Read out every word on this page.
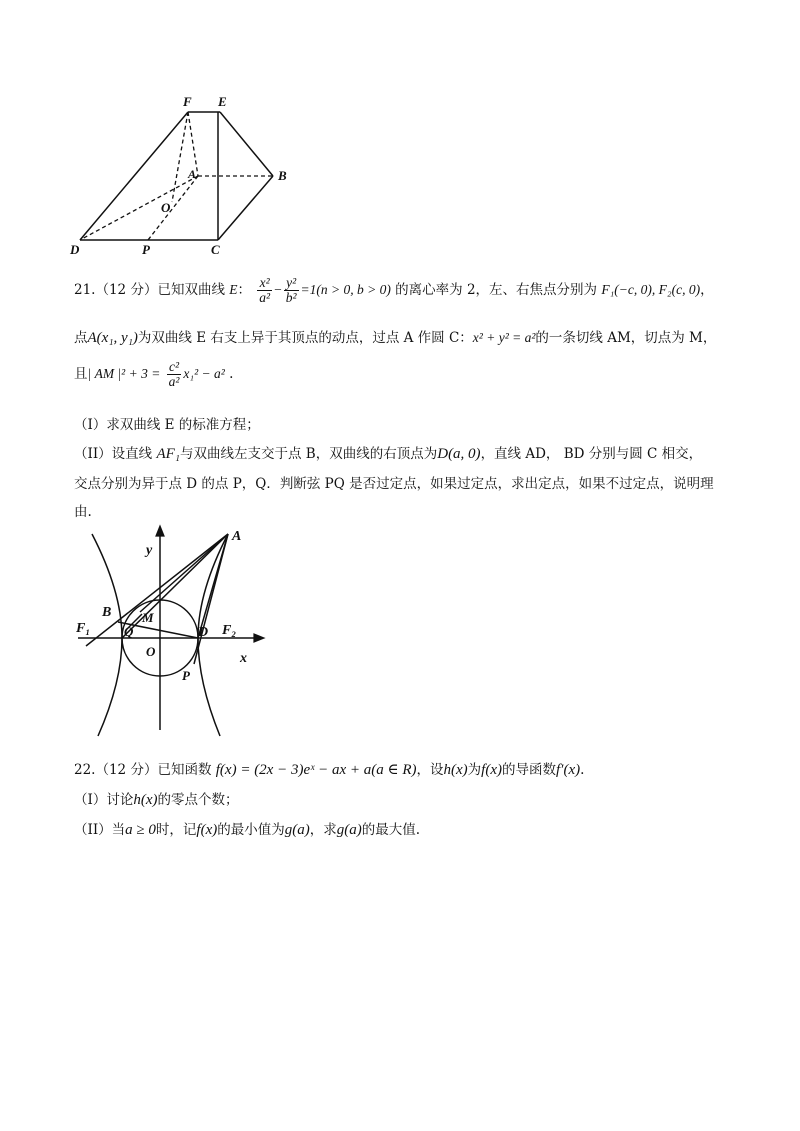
F E
A	B
O
D	P	C
21.（12 分）已知双曲线 E： $\frac{\text{x²}}{\text{a²}} - \frac{\text{y²}}{\text{b²}} =1(n > 0$, b > 0) 的离心率为 2，左、右焦点分别为 F₁(−c, 0), F₂(c, 0)，
点A(x₁, y₁)为双曲线 E 右支上异于其顶点的动点，过点 A 作圆 C：x² + y² = a²的一条切线 AM，切点为 M，
且| AM $|^2 + 3 = \frac{\text{c²}}{\text{a²}} x_1^2 - a^2$ .
（I）求双曲线 E 的标准方程；
（II）设直线 AF₁与双曲线左支交于点 B，双曲线的右顶点为D(a, 0)，直线 AD， BD 分别与圆 C 相交，
交点分别为异于点 D 的点 P，Q．判断弦 PQ 是否过定点，如果过定点，求出定点，如果不过定点，说明理
由.
A
y
B M
F₁	Q	D F₂
O	x
P
22.（12 分）已知函数 f(x) = (2x − 3)eˣ − ax + a(a ∈ R)，设h(x)为f(x)的导函数f′(x).
（I）讨论h(x)的零点个数；
（II）当a ≥ 0时，记f(x)的最小值为g(a)，求g(a)的最大值.
